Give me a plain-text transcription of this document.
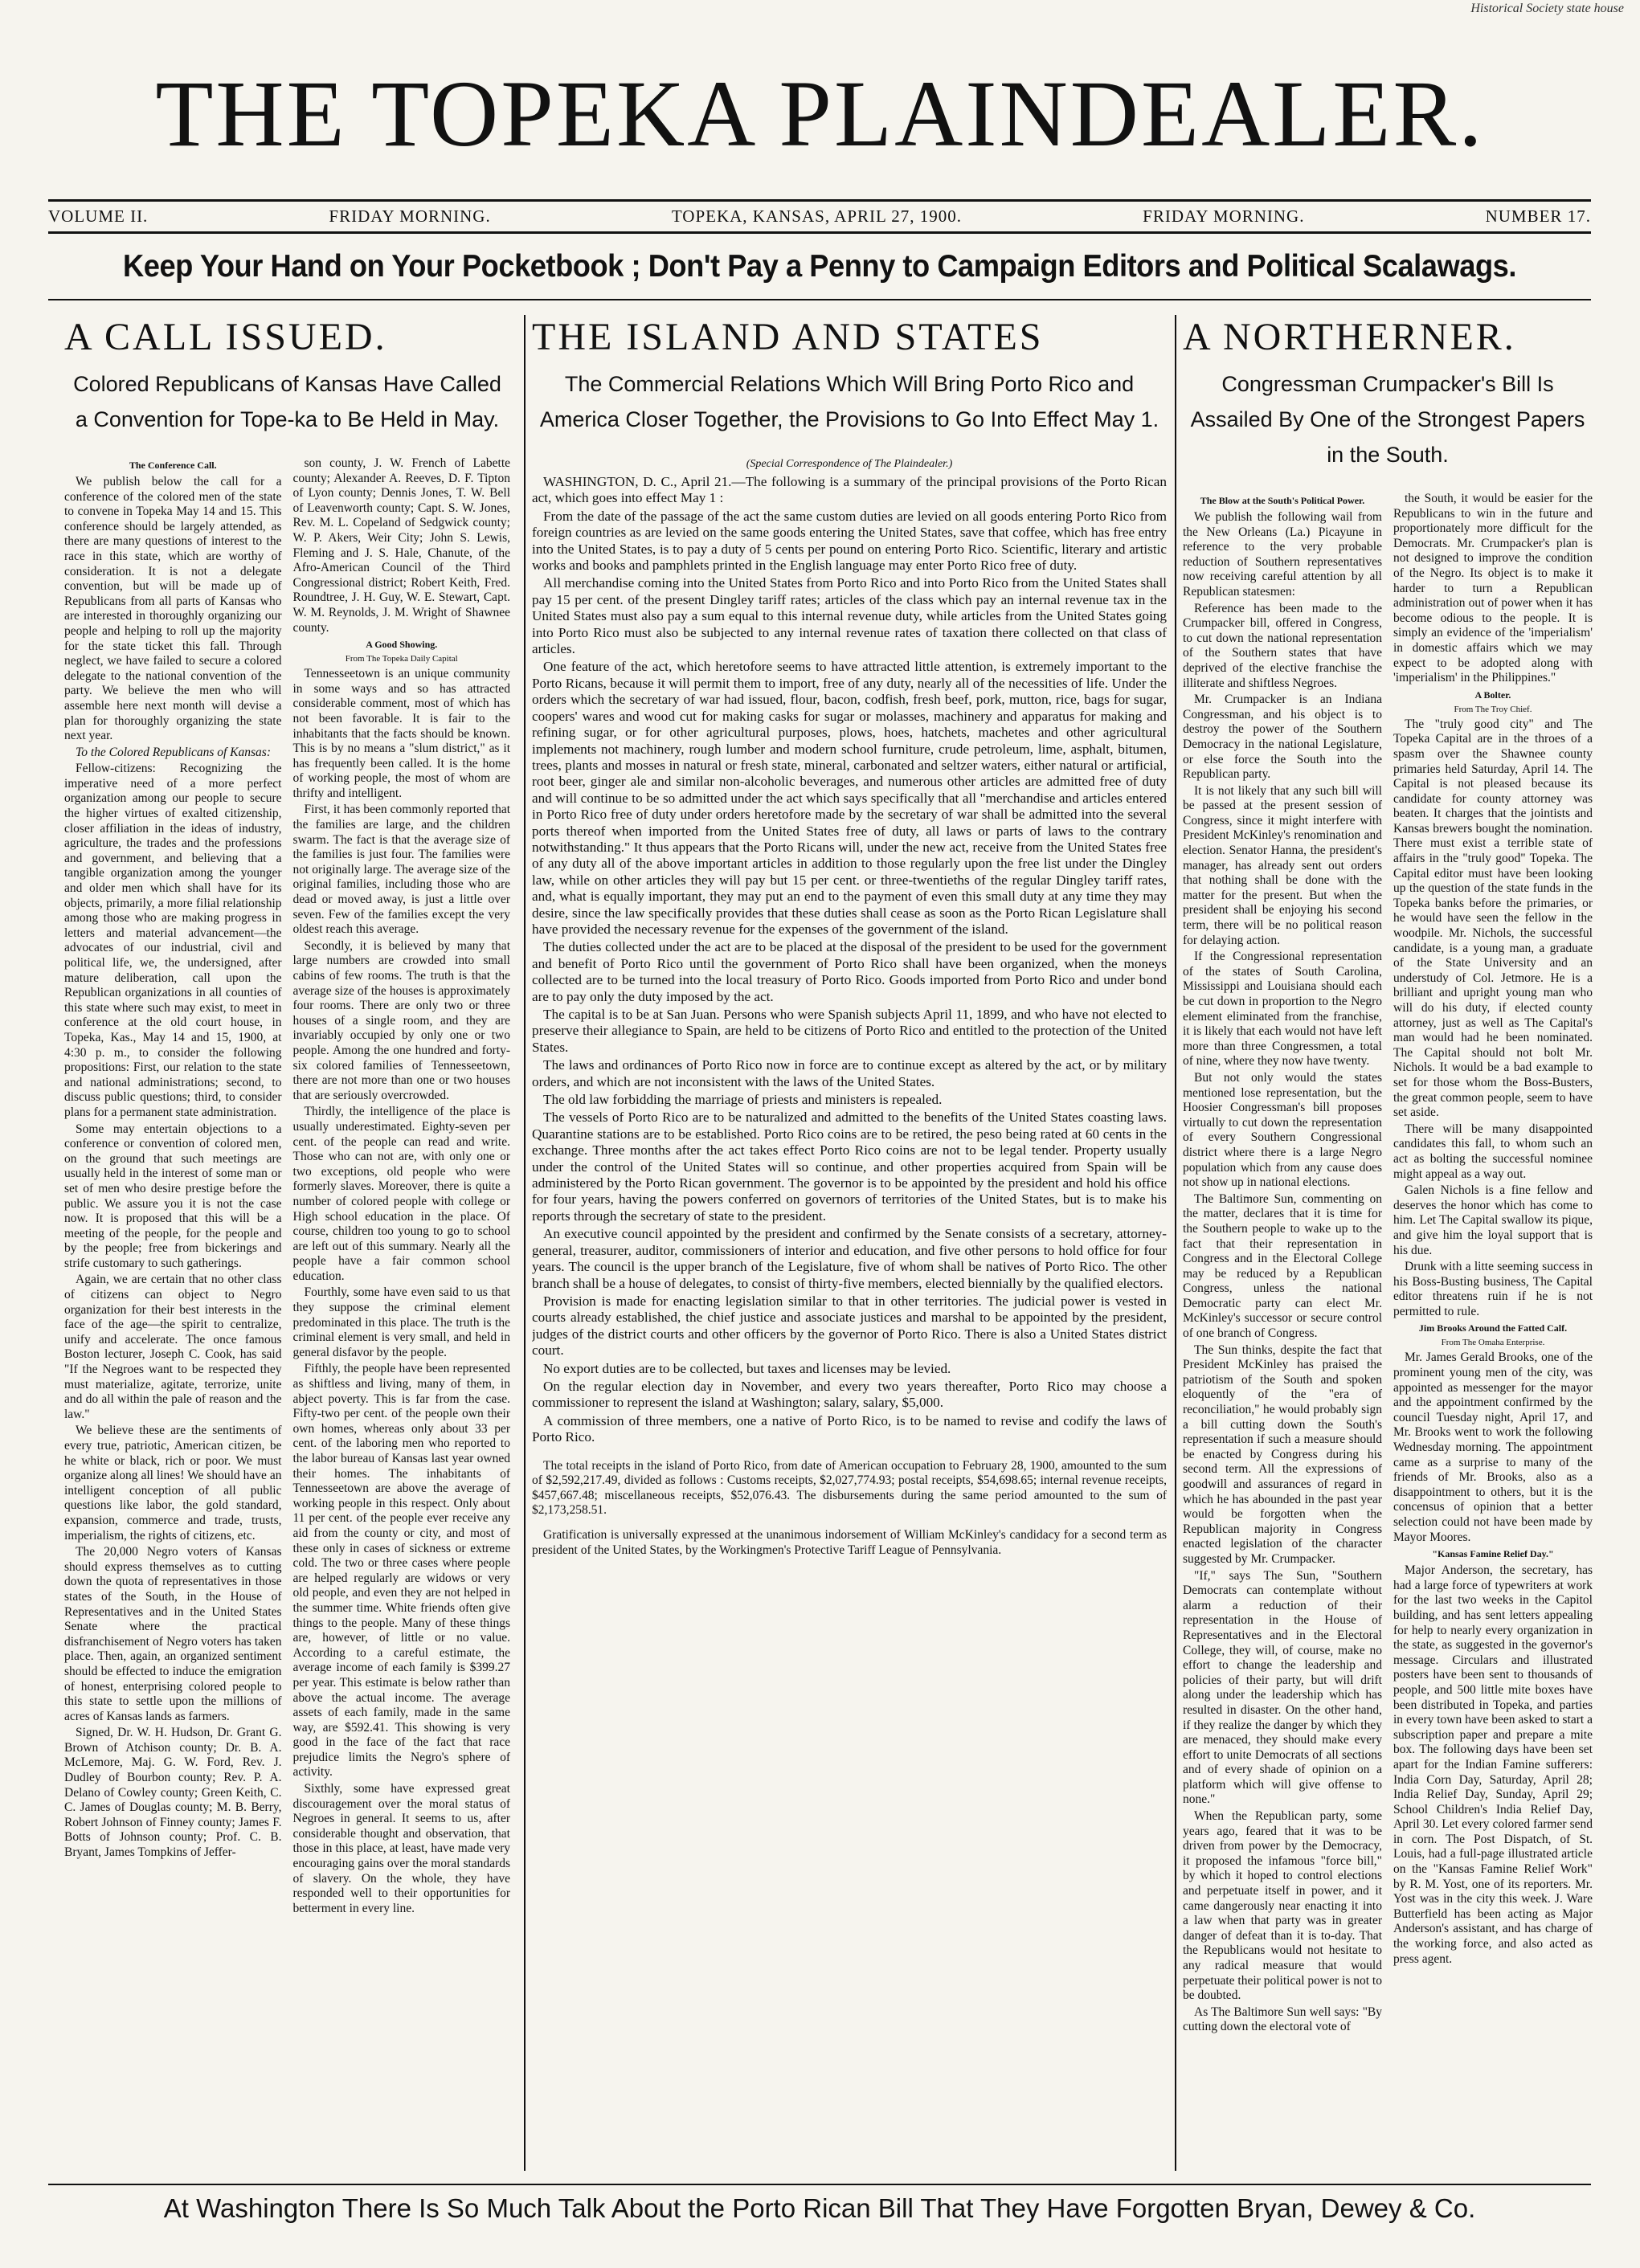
Historical Society state house
THE TOPEKA PLAINDEALER.
VOLUME II.	FRIDAY MORNING.	TOPEKA, KANSAS, APRIL 27, 1900.	FRIDAY MORNING.	NUMBER 17.
Keep Your Hand on Your Pocketbook ; Don't Pay a Penny to Campaign Editors and Political Scalawags.
A CALL ISSUED.
Colored Republicans of Kansas Have Called a Convention for Tope-ka to Be Held in May.
The Conference Call.
We publish below the call for a conference of the colored men of the state to convene in Topeka May 14 and 15. This conference should be largely attended, as there are many questions of interest to the race in this state, which are worthy of consideration. It is not a delegate convention, but will be made up of Republicans from all parts of Kansas who are interested in thoroughly organizing our people and helping to roll up the majority for the state ticket this fall. Through neglect, we have failed to secure a colored delegate to the national convention of the party. We believe the men who will assemble here next month will devise a plan for thoroughly organizing the state next year.
To the Colored Republicans of Kansas:
Fellow-citizens: Recognizing the imperative need of a more perfect organization among our people to secure the higher virtues of exalted citizenship, closer affiliation in the ideas of industry, agriculture, the trades and the professions and government, and believing that a tangible organization among the younger and older men which shall have for its objects, primarily, a more filial relationship among those who are making progress in letters and material advancement—the advocates of our industrial, civil and political life, we, the undersigned, after mature deliberation, call upon the Republican organizations in all counties of this state where such may exist, to meet in conference at the old court house, in Topeka, Kas., May 14 and 15, 1900, at 4:30 p. m., to consider the following propositions: First, our relation to the state and national administrations; second, to discuss public questions; third, to consider plans for a permanent state administration.
Some may entertain objections to a conference or convention of colored men, on the ground that such meetings are usually held in the interest of some man or set of men who desire prestige before the public. We assure you it is not the case now. It is proposed that this will be a meeting of the people, for the people and by the people; free from bickerings and strife customary to such gatherings.
Again, we are certain that no other class of citizens can object to Negro organization for their best interests in the face of the age—the spirit to centralize, unify and accelerate. The once famous Boston lecturer, Joseph C. Cook, has said "If the Negroes want to be respected they must materialize, agitate, terrorize, unite and do all within the pale of reason and the law."
We believe these are the sentiments of every true, patriotic, American citizen, be he white or black, rich or poor. We must organize along all lines! We should have an intelligent conception of all public questions like labor, the gold standard, expansion, commerce and trade, trusts, imperialism, the rights of citizens, etc.
The 20,000 Negro voters of Kansas should express themselves as to cutting down the quota of representatives in those states of the South, in the House of Representatives and in the United States Senate where the practical disfranchisement of Negro voters has taken place. Then, again, an organized sentiment should be effected to induce the emigration of honest, enterprising colored people to this state to settle upon the millions of acres of Kansas lands as farmers.
Signed, Dr. W. H. Hudson, Dr. Grant G. Brown of Atchison county; Dr. B. A. McLemore, Maj. G. W. Ford, Rev. J. Dudley of Bourbon county; Rev. P. A. Delano of Cowley county; Green Keith, C. C. James of Douglas county; M. B. Berry, Robert Johnson of Finney county; James F. Botts of Johnson county; Prof. C. B. Bryant, James Tompkins of Jeffer-
son county, J. W. French of Labette county; Alexander A. Reeves, D. F. Tipton of Lyon county; Dennis Jones, T. W. Bell of Leavenworth county; Capt. S. W. Jones, Rev. M. L. Copeland of Sedgwick county; W. P. Akers, Weir City; John S. Lewis, Fleming and J. S. Hale, Chanute, of the Afro-American Council of the Third Congressional district; Robert Keith, Fred. Roundtree, J. H. Guy, W. E. Stewart, Capt. W. M. Reynolds, J. M. Wright of Shawnee county.
A Good Showing.
From The Topeka Daily Capital
Tennesseetown is an unique community in some ways and so has attracted considerable comment, most of which has not been favorable. It is fair to the inhabitants that the facts should be known. This is by no means a "slum district," as it has frequently been called. It is the home of working people, the most of whom are thrifty and intelligent.
First, it has been commonly reported that the families are large, and the children swarm. The fact is that the average size of the families is just four. The families were not originally large. The average size of the original families, including those who are dead or moved away, is just a little over seven. Few of the families except the very oldest reach this average.
Secondly, it is believed by many that large numbers are crowded into small cabins of few rooms. The truth is that the average size of the houses is approximately four rooms. There are only two or three houses of a single room, and they are invariably occupied by only one or two people. Among the one hundred and forty-six colored families of Tennesseetown, there are not more than one or two houses that are seriously overcrowded.
Thirdly, the intelligence of the place is usually underestimated. Eighty-seven per cent. of the people can read and write. Those who can not are, with only one or two exceptions, old people who were formerly slaves. Moreover, there is quite a number of colored people with college or High school education in the place. Of course, children too young to go to school are left out of this summary. Nearly all the people have a fair common school education.
Fourthly, some have even said to us that they suppose the criminal element predominated in this place. The truth is the criminal element is very small, and held in general disfavor by the people.
Fifthly, the people have been represented as shiftless and living, many of them, in abject poverty. This is far from the case. Fifty-two per cent. of the people own their own homes, whereas only about 33 per cent. of the laboring men who reported to the labor bureau of Kansas last year owned their homes. The inhabitants of Tennesseetown are above the average of working people in this respect. Only about 11 per cent. of the people ever receive any aid from the county or city, and most of these only in cases of sickness or extreme cold. The two or three cases where people are helped regularly are widows or very old people, and even they are not helped in the summer time. White friends often give things to the people. Many of these things are, however, of little or no value. According to a careful estimate, the average income of each family is $399.27 per year. This estimate is below rather than above the actual income. The average assets of each family, made in the same way, are $592.41. This showing is very good in the face of the fact that race prejudice limits the Negro's sphere of activity.
Sixthly, some have expressed great discouragement over the moral status of Negroes in general. It seems to us, after considerable thought and observation, that those in this place, at least, have made very encouraging gains over the moral standards of slavery. On the whole, they have responded well to their opportunities for betterment in every line.
THE ISLAND AND STATES
The Commercial Relations Which Will Bring Porto Rico and America Closer Together, the Provisions to Go Into Effect May 1.
(Special Correspondence of The Plaindealer.)
WASHINGTON, D. C., April 21.—The following is a summary of the principal provisions of the Porto Rican act, which goes into effect May 1 :
From the date of the passage of the act the same custom duties are levied on all goods entering Porto Rico from foreign countries as are levied on the same goods entering the United States, save that coffee, which has free entry into the United States, is to pay a duty of 5 cents per pound on entering Porto Rico. Scientific, literary and artistic works and books and pamphlets printed in the English language may enter Porto Rico free of duty.
All merchandise coming into the United States from Porto Rico and into Porto Rico from the United States shall pay 15 per cent. of the present Dingley tariff rates; articles of the class which pay an internal revenue tax in the United States must also pay a sum equal to this internal revenue duty, while articles from the United States going into Porto Rico must also be subjected to any internal revenue rates of taxation there collected on that class of articles.
One feature of the act, which heretofore seems to have attracted little attention, is extremely important to the Porto Ricans, because it will permit them to import, free of any duty, nearly all of the necessities of life. Under the orders which the secretary of war had issued, flour, bacon, codfish, fresh beef, pork, mutton, rice, bags for sugar, coopers' wares and wood cut for making casks for sugar or molasses, machinery and apparatus for making and refining sugar, or for other agricultural purposes, plows, hoes, hatchets, machetes and other agricultural implements not machinery, rough lumber and modern school furniture, crude petroleum, lime, asphalt, bitumen, trees, plants and mosses in natural or fresh state, mineral, carbonated and seltzer waters, either natural or artificial, root beer, ginger ale and similar non-alcoholic beverages, and numerous other articles are admitted free of duty and will continue to be so admitted under the act which says specifically that all "merchandise and articles entered in Porto Rico free of duty under orders heretofore made by the secretary of war shall be admitted into the several ports thereof when imported from the United States free of duty, all laws or parts of laws to the contrary notwithstanding." It thus appears that the Porto Ricans will, under the new act, receive from the United States free of any duty all of the above important articles in addition to those regularly upon the free list under the Dingley law, while on other articles they will pay but 15 per cent. or three-twentieths of the regular Dingley tariff rates, and, what is equally important, they may put an end to the payment of even this small duty at any time they may desire, since the law specifically provides that these duties shall cease as soon as the Porto Rican Legislature shall have provided the necessary revenue for the expenses of the government of the island.
The duties collected under the act are to be placed at the disposal of the president to be used for the government and benefit of Porto Rico until the government of Porto Rico shall have been organized, when the moneys collected are to be turned into the local treasury of Porto Rico. Goods imported from Porto Rico and under bond are to pay only the duty imposed by the act.
The capital is to be at San Juan. Persons who were Spanish subjects April 11, 1899, and who have not elected to preserve their allegiance to Spain, are held to be citizens of Porto Rico and entitled to the protection of the United States.
The laws and ordinances of Porto Rico now in force are to continue except as altered by the act, or by military orders, and which are not inconsistent with the laws of the United States.
The old law forbidding the marriage of priests and ministers is repealed.
The vessels of Porto Rico are to be naturalized and admitted to the benefits of the United States coasting laws. Quarantine stations are to be established. Porto Rico coins are to be retired, the peso being rated at 60 cents in the exchange. Three months after the act takes effect Porto Rico coins are not to be legal tender. Property usually under the control of the United States will so continue, and other properties acquired from Spain will be administered by the Porto Rican government. The governor is to be appointed by the president and hold his office for four years, having the powers conferred on governors of territories of the United States, but is to make his reports through the secretary of state to the president.
An executive council appointed by the president and confirmed by the Senate consists of a secretary, attorney-general, treasurer, auditor, commissioners of interior and education, and five other persons to hold office for four years. The council is the upper branch of the Legislature, five of whom shall be natives of Porto Rico. The other branch shall be a house of delegates, to consist of thirty-five members, elected biennially by the qualified electors.
Provision is made for enacting legislation similar to that in other territories. The judicial power is vested in courts already established, the chief justice and associate justices and marshal to be appointed by the president, judges of the district courts and other officers by the governor of Porto Rico. There is also a United States district court.
No export duties are to be collected, but taxes and licenses may be levied.
On the regular election day in November, and every two years thereafter, Porto Rico may choose a commissioner to represent the island at Washington; salary, salary, $5,000.
A commission of three members, one a native of Porto Rico, is to be named to revise and codify the laws of Porto Rico.
The total receipts in the island of Porto Rico, from date of American occupation to February 28, 1900, amounted to the sum of $2,592,217.49, divided as follows : Customs receipts, $2,027,774.93; postal receipts, $54,698.65; internal revenue receipts, $457,667.48; miscellaneous receipts, $52,076.43. The disbursements during the same period amounted to the sum of $2,173,258.51.
Gratification is universally expressed at the unanimous indorsement of William McKinley's candidacy for a second term as president of the United States, by the Workingmen's Protective Tariff League of Pennsylvania.
A NORTHERNER.
Congressman Crumpacker's Bill Is Assailed By One of the Strongest Papers in the South.
The Blow at the South's Political Power.
We publish the following wail from the New Orleans (La.) Picayune in reference to the very probable reduction of Southern representatives now receiving careful attention by all Republican statesmen:
Reference has been made to the Crumpacker bill, offered in Congress, to cut down the national representation of the Southern states that have deprived of the elective franchise the illiterate and shiftless Negroes.
Mr. Crumpacker is an Indiana Congressman, and his object is to destroy the power of the Southern Democracy in the national Legislature, or else force the South into the Republican party.
It is not likely that any such bill will be passed at the present session of Congress, since it might interfere with President McKinley's renomination and election. Senator Hanna, the president's manager, has already sent out orders that nothing shall be done with the matter for the present. But when the president shall be enjoying his second term, there will be no political reason for delaying action.
If the Congressional representation of the states of South Carolina, Mississippi and Louisiana should each be cut down in proportion to the Negro element eliminated from the franchise, it is likely that each would not have left more than three Congressmen, a total of nine, where they now have twenty.
But not only would the states mentioned lose representation, but the Hoosier Congressman's bill proposes virtually to cut down the representation of every Southern Congressional district where there is a large Negro population which from any cause does not show up in national elections.
The Baltimore Sun, commenting on the matter, declares that it is time for the Southern people to wake up to the fact that their representation in Congress and in the Electoral College may be reduced by a Republican Congress, unless the national Democratic party can elect Mr. McKinley's successor or secure control of one branch of Congress.
The Sun thinks, despite the fact that President McKinley has praised the patriotism of the South and spoken eloquently of the "era of reconciliation," he would probably sign a bill cutting down the South's representation if such a measure should be enacted by Congress during his second term. All the expressions of goodwill and assurances of regard in which he has abounded in the past year would be forgotten when the Republican majority in Congress enacted legislation of the character suggested by Mr. Crumpacker.
"If," says The Sun, "Southern Democrats can contemplate without alarm a reduction of their representation in the House of Representatives and in the Electoral College, they will, of course, make no effort to change the leadership and policies of their party, but will drift along under the leadership which has resulted in disaster. On the other hand, if they realize the danger by which they are menaced, they should make every effort to unite Democrats of all sections and of every shade of opinion on a platform which will give offense to none."
When the Republican party, some years ago, feared that it was to be driven from power by the Democracy, it proposed the infamous "force bill," by which it hoped to control elections and perpetuate itself in power, and it came dangerously near enacting it into a law when that party was in greater danger of defeat than it is to-day. That the Republicans would not hesitate to any radical measure that would perpetuate their political power is not to be doubted.
As The Baltimore Sun well says: "By cutting down the electoral vote of
the South, it would be easier for the Republicans to win in the future and proportionately more difficult for the Democrats. Mr. Crumpacker's plan is not designed to improve the condition of the Negro. Its object is to make it harder to turn a Republican administration out of power when it has become odious to the people. It is simply an evidence of the 'imperialism' in domestic affairs which we may expect to be adopted along with 'imperialism' in the Philippines."
A Bolter.
From The Troy Chief.
The "truly good city" and The Topeka Capital are in the throes of a spasm over the Shawnee county primaries held Saturday, April 14. The Capital is not pleased because its candidate for county attorney was beaten. It charges that the jointists and Kansas brewers bought the nomination. There must exist a terrible state of affairs in the "truly good" Topeka. The Capital editor must have been looking up the question of the state funds in the Topeka banks before the primaries, or he would have seen the fellow in the woodpile. Mr. Nichols, the successful candidate, is a young man, a graduate of the State University and an understudy of Col. Jetmore. He is a brilliant and upright young man who will do his duty, if elected county attorney, just as well as The Capital's man would had he been nominated. The Capital should not bolt Mr. Nichols. It would be a bad example to set for those whom the Boss-Busters, the great common people, seem to have set aside.
There will be many disappointed candidates this fall, to whom such an act as bolting the successful nominee might appeal as a way out.
Galen Nichols is a fine fellow and deserves the honor which has come to him. Let The Capital swallow its pique, and give him the loyal support that is his due.
Drunk with a litte seeming success in his Boss-Busting business, The Capital editor threatens ruin if he is not permitted to rule.
Jim Brooks Around the Fatted Calf.
From The Omaha Enterprise.
Mr. James Gerald Brooks, one of the prominent young men of the city, was appointed as messenger for the mayor and the appointment confirmed by the council Tuesday night, April 17, and Mr. Brooks went to work the following Wednesday morning. The appointment came as a surprise to many of the friends of Mr. Brooks, also as a disappointment to others, but it is the concensus of opinion that a better selection could not have been made by Mayor Moores.
"Kansas Famine Relief Day."
Major Anderson, the secretary, has had a large force of typewriters at work for the last two weeks in the Capitol building, and has sent letters appealing for help to nearly every organization in the state, as suggested in the governor's message. Circulars and illustrated posters have been sent to thousands of people, and 500 little mite boxes have been distributed in Topeka, and parties in every town have been asked to start a subscription paper and prepare a mite box. The following days have been set apart for the Indian Famine sufferers: India Corn Day, Saturday, April 28; India Relief Day, Sunday, April 29; School Children's India Relief Day, April 30. Let every colored farmer send in corn. The Post Dispatch, of St. Louis, had a full-page illustrated article on the "Kansas Famine Relief Work" by R. M. Yost, one of its reporters. Mr. Yost was in the city this week. J. Ware Butterfield has been acting as Major Anderson's assistant, and has charge of the working force, and also acted as press agent.
At Washington There Is So Much Talk About the Porto Rican Bill That They Have Forgotten Bryan, Dewey & Co.
